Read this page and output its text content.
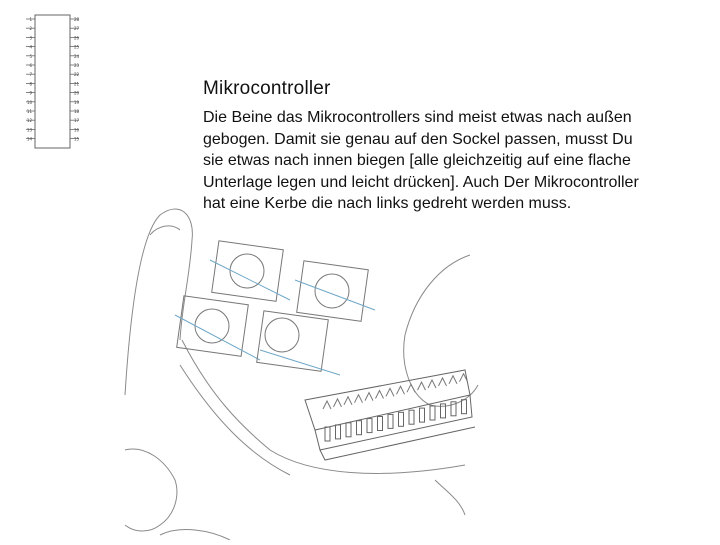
1
2
3
4
5
6
7
8
9
10
11
12
13
14
28
27
26
25
24
23
22
21
20
19
18
17
16
15
Mikrocontroller

Die Beine das Mikrocontrollers sind meist etwas nach außen gebogen. Damit sie genau auf den Sockel passen, musst Du sie etwas nach innen biegen [alle gleichzeitig auf eine flache Unterlage legen und leicht drücken]. Auch Der Mikrocontroller hat eine Kerbe die nach links gedreht werden muss.
